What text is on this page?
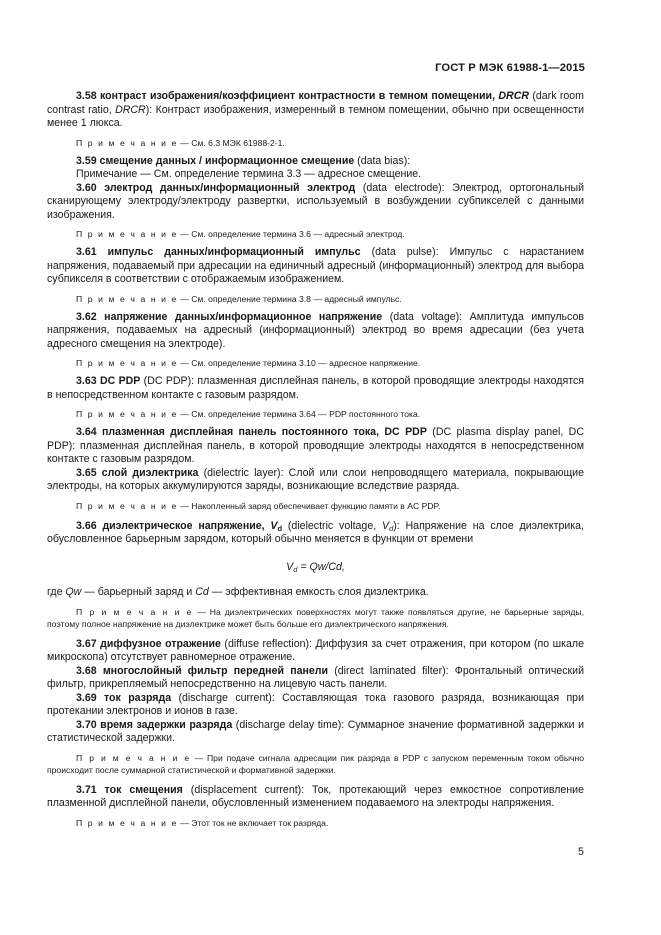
ГОСТ Р МЭК 61988-1—2015

3.58 контраст изображения/коэффициент контрастности в темном помещении, DRCR (dark room contrast ratio, DRCR): Контраст изображения, измеренный в темном помещении, обычно при освещенности менее 1 люкса.

П р и м е ч а н и е — См. 6.3 МЭК 61988-2-1.

3.59 смещение данных / информационное смещение (data bias):

Примечание — См. определение термина 3.3 — адресное смещение.

3.60 электрод данных/информационный электрод (data electrode): Электрод, ортогональный сканирующему электроду/электроду развертки, используемый в возбуждении субпикселей с данными изображения.

П р и м е ч а н и е — См. определение термина 3.6 — адресный электрод.

3.61 импульс данных/информационный импульс (data pulse): Импульс с нарастанием напряжения, подаваемый при адресации на единичный адресный (информационный) электрод для выбора субпикселя в соответствии с отображаемым изображением.

П р и м е ч а н и е — См. определение термина 3.8 — адресный импульс.

3.62 напряжение данных/информационное напряжение (data voltage): Амплитуда импульсов напряжения, подаваемых на адресный (информационный) электрод во время адресации (без учета адресного смещения на электроде).

П р и м е ч а н и е — См. определение термина 3.10 — адресное напряжение.

3.63 DC PDP (DC PDP): плазменная дисплейная панель, в которой проводящие электроды находятся в непосредственном контакте с газовым разрядом.

П р и м е ч а н и е — См. определение термина 3.64 — PDP постоянного тока.

3.64 плазменная дисплейная панель постоянного тока, DC PDP (DC plasma display panel, DC PDP): плазменная дисплейная панель, в которой проводящие электроды находятся в непосредственном контакте с газовым разрядом.

3.65 слой диэлектрика (dielectric layer): Слой или слои непроводящего материала, покрывающие электроды, на которых аккумулируются заряды, возникающие вследствие разряда.

П р и м е ч а н и е — Накопленный заряд обеспечивает функцию памяти в AC PDP.

3.66 диэлектрическое напряжение, $V_d$ (dielectric voltage, $V_d$): Напряжение на слое диэлектрика, обусловленное барьерным зарядом, который обычно меняется в функции от времени

$V_d = Qw/Cd$,

где Qw — барьерный заряд и Cd — эффективная емкость слоя диэлектрика.

П р и м е ч а н и е — На диэлектрических поверхностях могут также появляться другие, не барьерные заряды, поэтому полное напряжение на диэлектрике может быть больше его диэлектрического напряжения.

3.67 диффузное отражение (diffuse reflection): Диффузия за счет отражения, при котором (по шкале микроскопа) отсутствует равномерное отражение.

3.68 многослойный фильтр передней панели (direct laminated filter): Фронтальный оптический фильтр, прикрепляемый непосредственно на лицевую часть панели.

3.69 ток разряда (discharge current): Составляющая тока газового разряда, возникающая при протекании электронов и ионов в газе.

3.70 время задержки разряда (discharge delay time): Суммарное значение формативной задержки и статистической задержки.

П р и м е ч а н и е — При подаче сигнала адресации пик разряда в PDP с запуском переменным током обычно происходит после суммарной статистической и формативной задержки.

3.71 ток смещения (displacement current): Ток, протекающий через емкостное сопротивление плазменной дисплейной панели, обусловленный изменением подаваемого на электроды напряжения.

П р и м е ч а н и е — Этот ток не включает ток разряда.

5
